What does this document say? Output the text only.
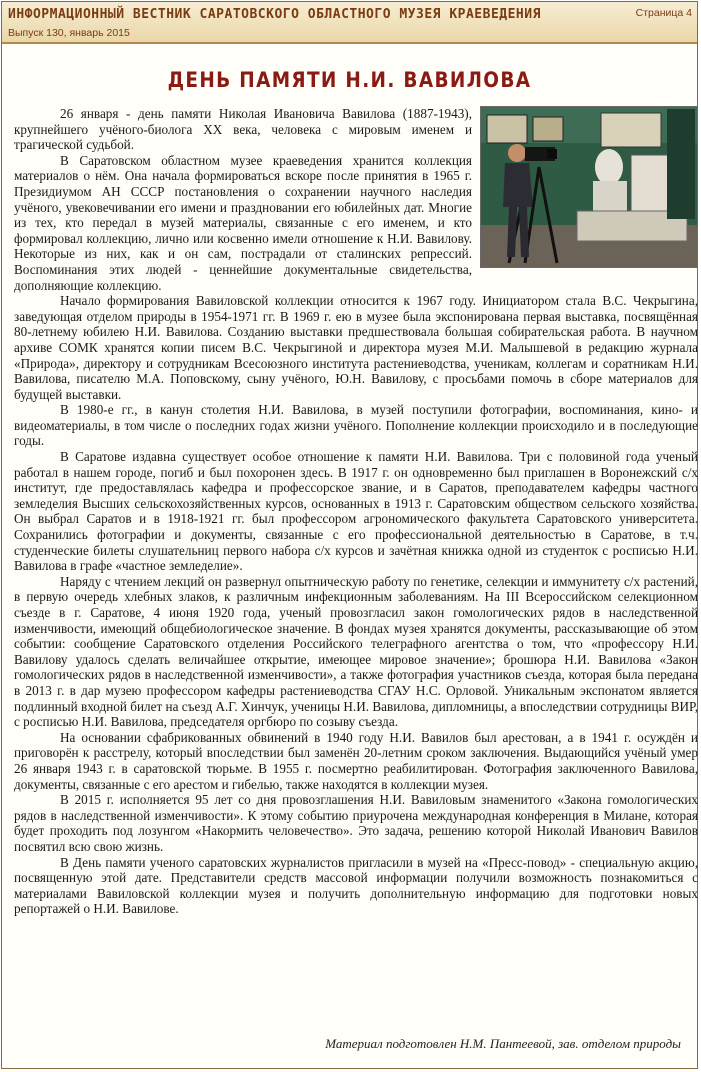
ИНФОРМАЦИОННЫЙ ВЕСТНИК САРАТОВСКОГО ОБЛАСТНОГО МУЗЕЯ КРАЕВЕДЕНИЯ
Выпуск 130, январь 2015
Страница 4
ДЕНЬ ПАМЯТИ Н.И. ВАВИЛОВА

26 января - день памяти Николая Ивановича Вавилова (1887-1943), крупнейшего учёного-биолога XX века, человека с мировым именем и трагической судьбой.

В Саратовском областном музее краеведения хранится коллекция материалов о нём. Она начала формироваться вскоре после принятия в 1965 г. Президиумом АН СССР постановления о сохранении научного наследия учёного, увековечивании его имени и праздновании его юбилейных дат. Многие из тех, кто передал в музей материалы, связанные с его именем, и кто формировал коллекцию, лично или косвенно имели отношение к Н.И. Вавилову. Некоторые из них, как и он сам, пострадали от сталинских репрессий. Воспоминания этих людей - ценнейшие документальные свидетельства, дополняющие коллекцию.

Начало формирования Вавиловской коллекции относится к 1967 году. Инициатором стала В.С. Чекрыгина, заведующая отделом природы в 1954-1971 гг. В 1969 г. ею в музее была экспонирована первая выставка, посвящённая 80-летнему юбилею Н.И. Вавилова. Созданию выставки предшествовала большая собирательская работа. В научном архиве СОМК хранятся копии писем В.С. Чекрыгиной и директора музея М.И. Малышевой в редакцию журнала «Природа», директору и сотрудникам Всесоюзного института растениеводства, ученикам, коллегам и соратникам Н.И. Вавилова, писателю М.А. Поповскому, сыну учёного, Ю.Н. Вавилову, с просьбами помочь в сборе материалов для будущей выставки.

В 1980-е гг., в канун столетия Н.И. Вавилова, в музей поступили фотографии, воспоминания, кино- и видеоматериалы, в том числе о последних годах жизни учёного. Пополнение коллекции происходило и в последующие годы.

В Саратове издавна существует особое отношение к памяти Н.И. Вавилова. Три с половиной года ученый работал в нашем городе, погиб и был похоронен здесь. В 1917 г. он одновременно был приглашен в Воронежский с/х институт, где предоставлялась кафедра и профессорское звание, и в Саратов, преподавателем кафедры частного земледелия Высших сельскохозяйственных курсов, основанных в 1913 г. Саратовским обществом сельского хозяйства. Он выбрал Саратов и в 1918-1921 гг. был профессором агрономического факультета Саратовского университета. Сохранились фотографии и документы, связанные с его профессиональной деятельностью в Саратове, в т.ч. студенческие билеты слушательниц первого набора с/х курсов и зачётная книжка одной из студенток с росписью Н.И. Вавилова в графе «частное земледелие».

Наряду с чтением лекций он развернул опытническую работу по генетике, селекции и иммунитету с/х растений, в первую очередь хлебных злаков, к различным инфекционным заболеваниям. На III Всероссийском селекционном съезде в г. Саратове, 4 июня 1920 года, ученый провозгласил закон гомологических рядов в наследственной изменчивости, имеющий общебиологическое значение. В фондах музея хранятся документы, рассказывающие об этом событии: сообщение Саратовского отделения Российского телеграфного агентства о том, что «профессору Н.И. Вавилову удалось сделать величайшее открытие, имеющее мировое значение»; брошюра Н.И. Вавилова «Закон гомологических рядов в наследственной изменчивости», а также фотография участников съезда, которая была передана в 2013 г. в дар музею профессором кафедры растениеводства СГАУ Н.С. Орловой. Уникальным экспонатом является подлинный входной билет на съезд А.Г. Хинчук, ученицы Н.И. Вавилова, дипломницы, а впоследствии сотрудницы ВИР, с росписью Н.И. Вавилова, председателя оргбюро по созыву съезда.

На основании сфабрикованных обвинений в 1940 году Н.И. Вавилов был арестован, а в 1941 г. осуждён и приговорён к расстрелу, который впоследствии был заменён 20-летним сроком заключения. Выдающийся учёный умер 26 января 1943 г. в саратовской тюрьме. В 1955 г. посмертно реабилитирован. Фотография заключенного Вавилова, документы, связанные с его арестом и гибелью, также находятся в коллекции музея.

В 2015 г. исполняется 95 лет со дня провозглашения Н.И. Вавиловым знаменитого «Закона гомологических рядов в наследственной изменчивости». К этому событию приурочена международная конференция в Милане, которая будет проходить под лозунгом «Накормить человечество». Это задача, решению которой Николай Иванович Вавилов посвятил всю свою жизнь.

В День памяти ученого саратовских журналистов пригласили в музей на «Пресс-повод» - специальную акцию, посвященную этой дате. Представители средств массовой информации получили возможность познакомиться с материалами Вавиловской коллекции музея и получить дополнительную информацию для подготовки новых репортажей о Н.И. Вавилове.

Материал подготовлен Н.М. Пантеевой, зав. отделом природы
